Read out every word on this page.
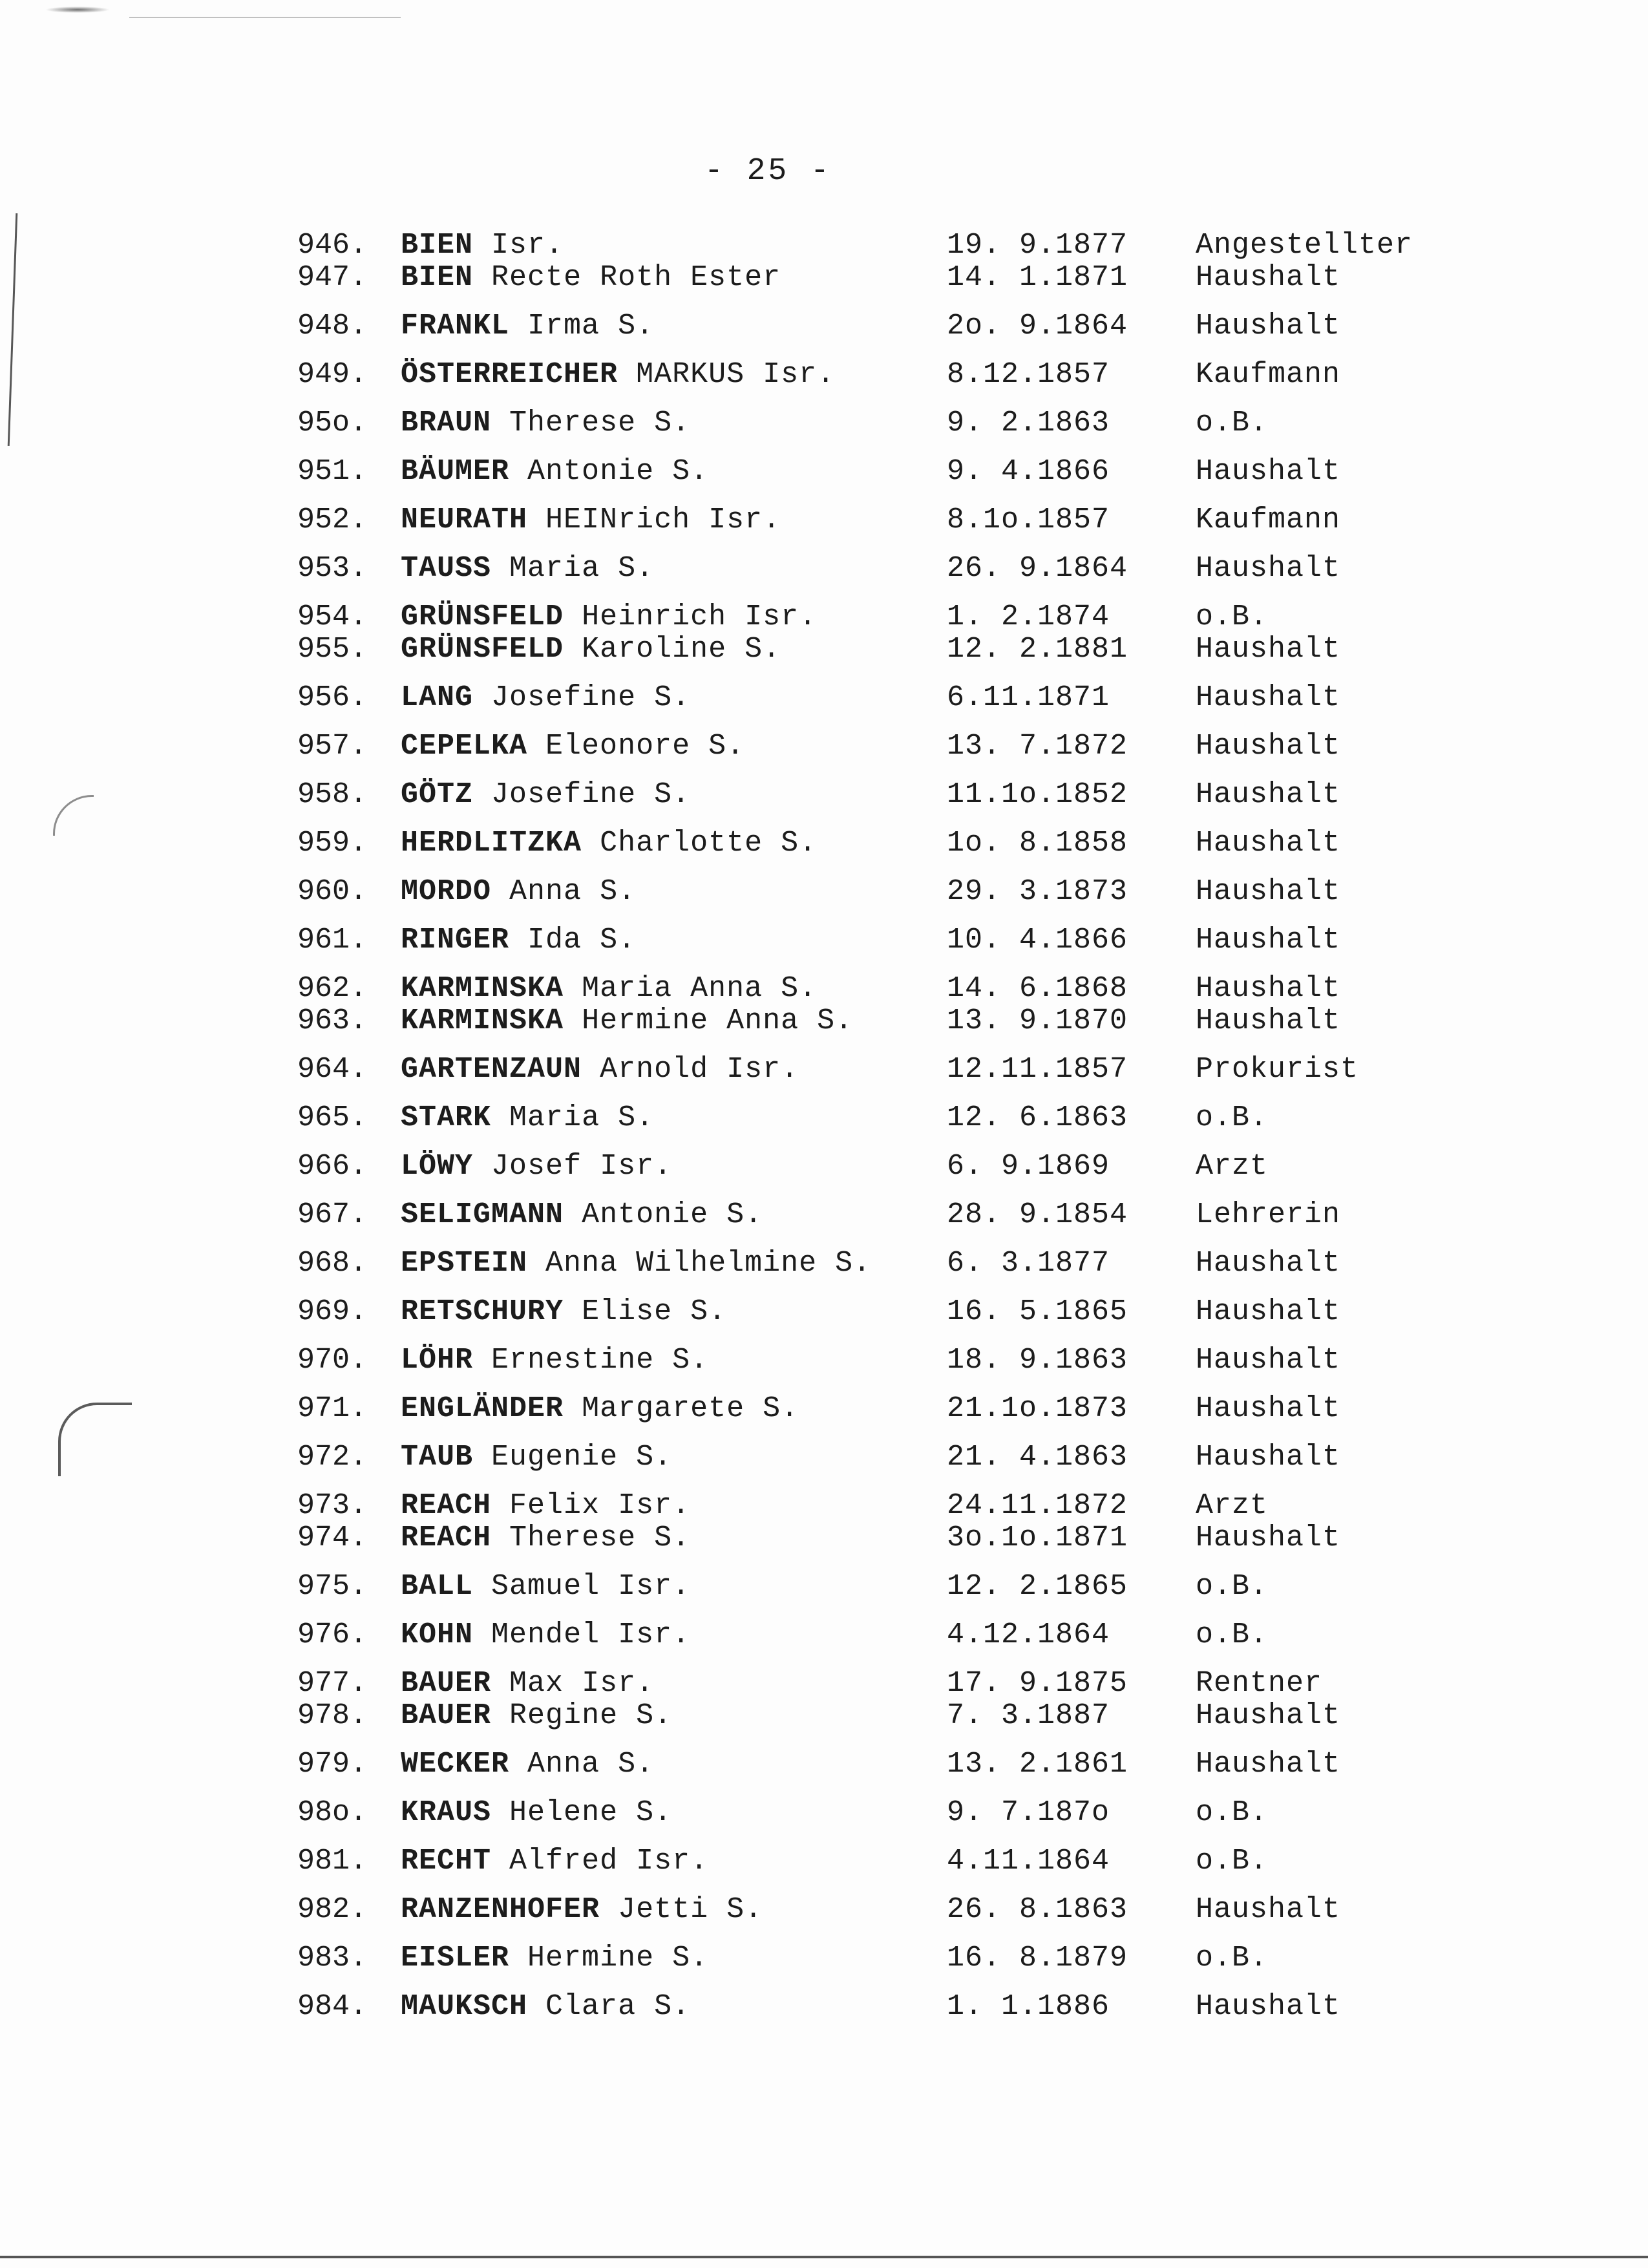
- 25 -
946. BIEN Isr.	19. 9.1877 Angestellter
947. BIEN Recte Roth Ester	14. 1.1871 Haushalt
948. FRANKL Irma S.	2o. 9.1864 Haushalt
949. ÖSTERREICHER MARKUS Isr.	8.12.1857	Kaufmann
95o. BRAUN Therese S.	9. 2.1863	o.B.
951. BÄUMER Antonie S.	9. 4.1866	Haushalt
952. NEURATH HEINrich Isr.	8.1o.1857	Kaufmann
953. TAUSS Maria S.	26. 9.1864 Haushalt
954. GRÜNSFELD Heinrich Isr.	1. 2.1874	o.B.
955. GRÜNSFELD Karoline S.	12. 2.1881 Haushalt
956. LANG Josefine S.	6.11.1871	Haushalt
957. CEPELKA Eleonore S.	13. 7.1872 Haushalt
958. GÖTZ Josefine S.	11.1o.1852 Haushalt
959. HERDLITZKA Charlotte S.	1o. 8.1858 Haushalt
960. MORDO Anna S.	29. 3.1873 Haushalt
961. RINGER Ida S.	10. 4.1866 Haushalt
962. KARMINSKA Maria Anna S.	14. 6.1868 Haushalt
963. KARMINSKA Hermine Anna S.	13. 9.1870 Haushalt
964. GARTENZAUN Arnold Isr.	12.11.1857 Prokurist
965. STARK Maria S.	12. 6.1863 o.B.
966. LÖWY Josef Isr.	6. 9.1869	Arzt
967. SELIGMANN Antonie S.	28. 9.1854 Lehrerin
968. EPSTEIN Anna Wilhelmine S.	6. 3.1877	Haushalt
969. RETSCHURY Elise S.	16. 5.1865 Haushalt
970. LÖHR Ernestine S.	18. 9.1863 Haushalt
971. ENGLÄNDER Margarete S.	21.1o.1873 Haushalt
972. TAUB Eugenie S.	21. 4.1863 Haushalt
973. REACH Felix Isr.	24.11.1872 Arzt
974. REACH Therese S.	3o.1o.1871 Haushalt
975. BALL Samuel Isr.	12. 2.1865 o.B.
976. KOHN Mendel Isr.	4.12.1864	o.B.
977. BAUER Max Isr.	17. 9.1875 Rentner
978. BAUER Regine S.	7. 3.1887	Haushalt
979. WECKER Anna S.	13. 2.1861 Haushalt
98o. KRAUS Helene S.	9. 7.187o	o.B.
981. RECHT Alfred Isr.	4.11.1864	o.B.
982. RANZENHOFER Jetti S.	26. 8.1863 Haushalt
983. EISLER Hermine S.	16. 8.1879 o.B.
984. MAUKSCH Clara S.	1. 1.1886	Haushalt
